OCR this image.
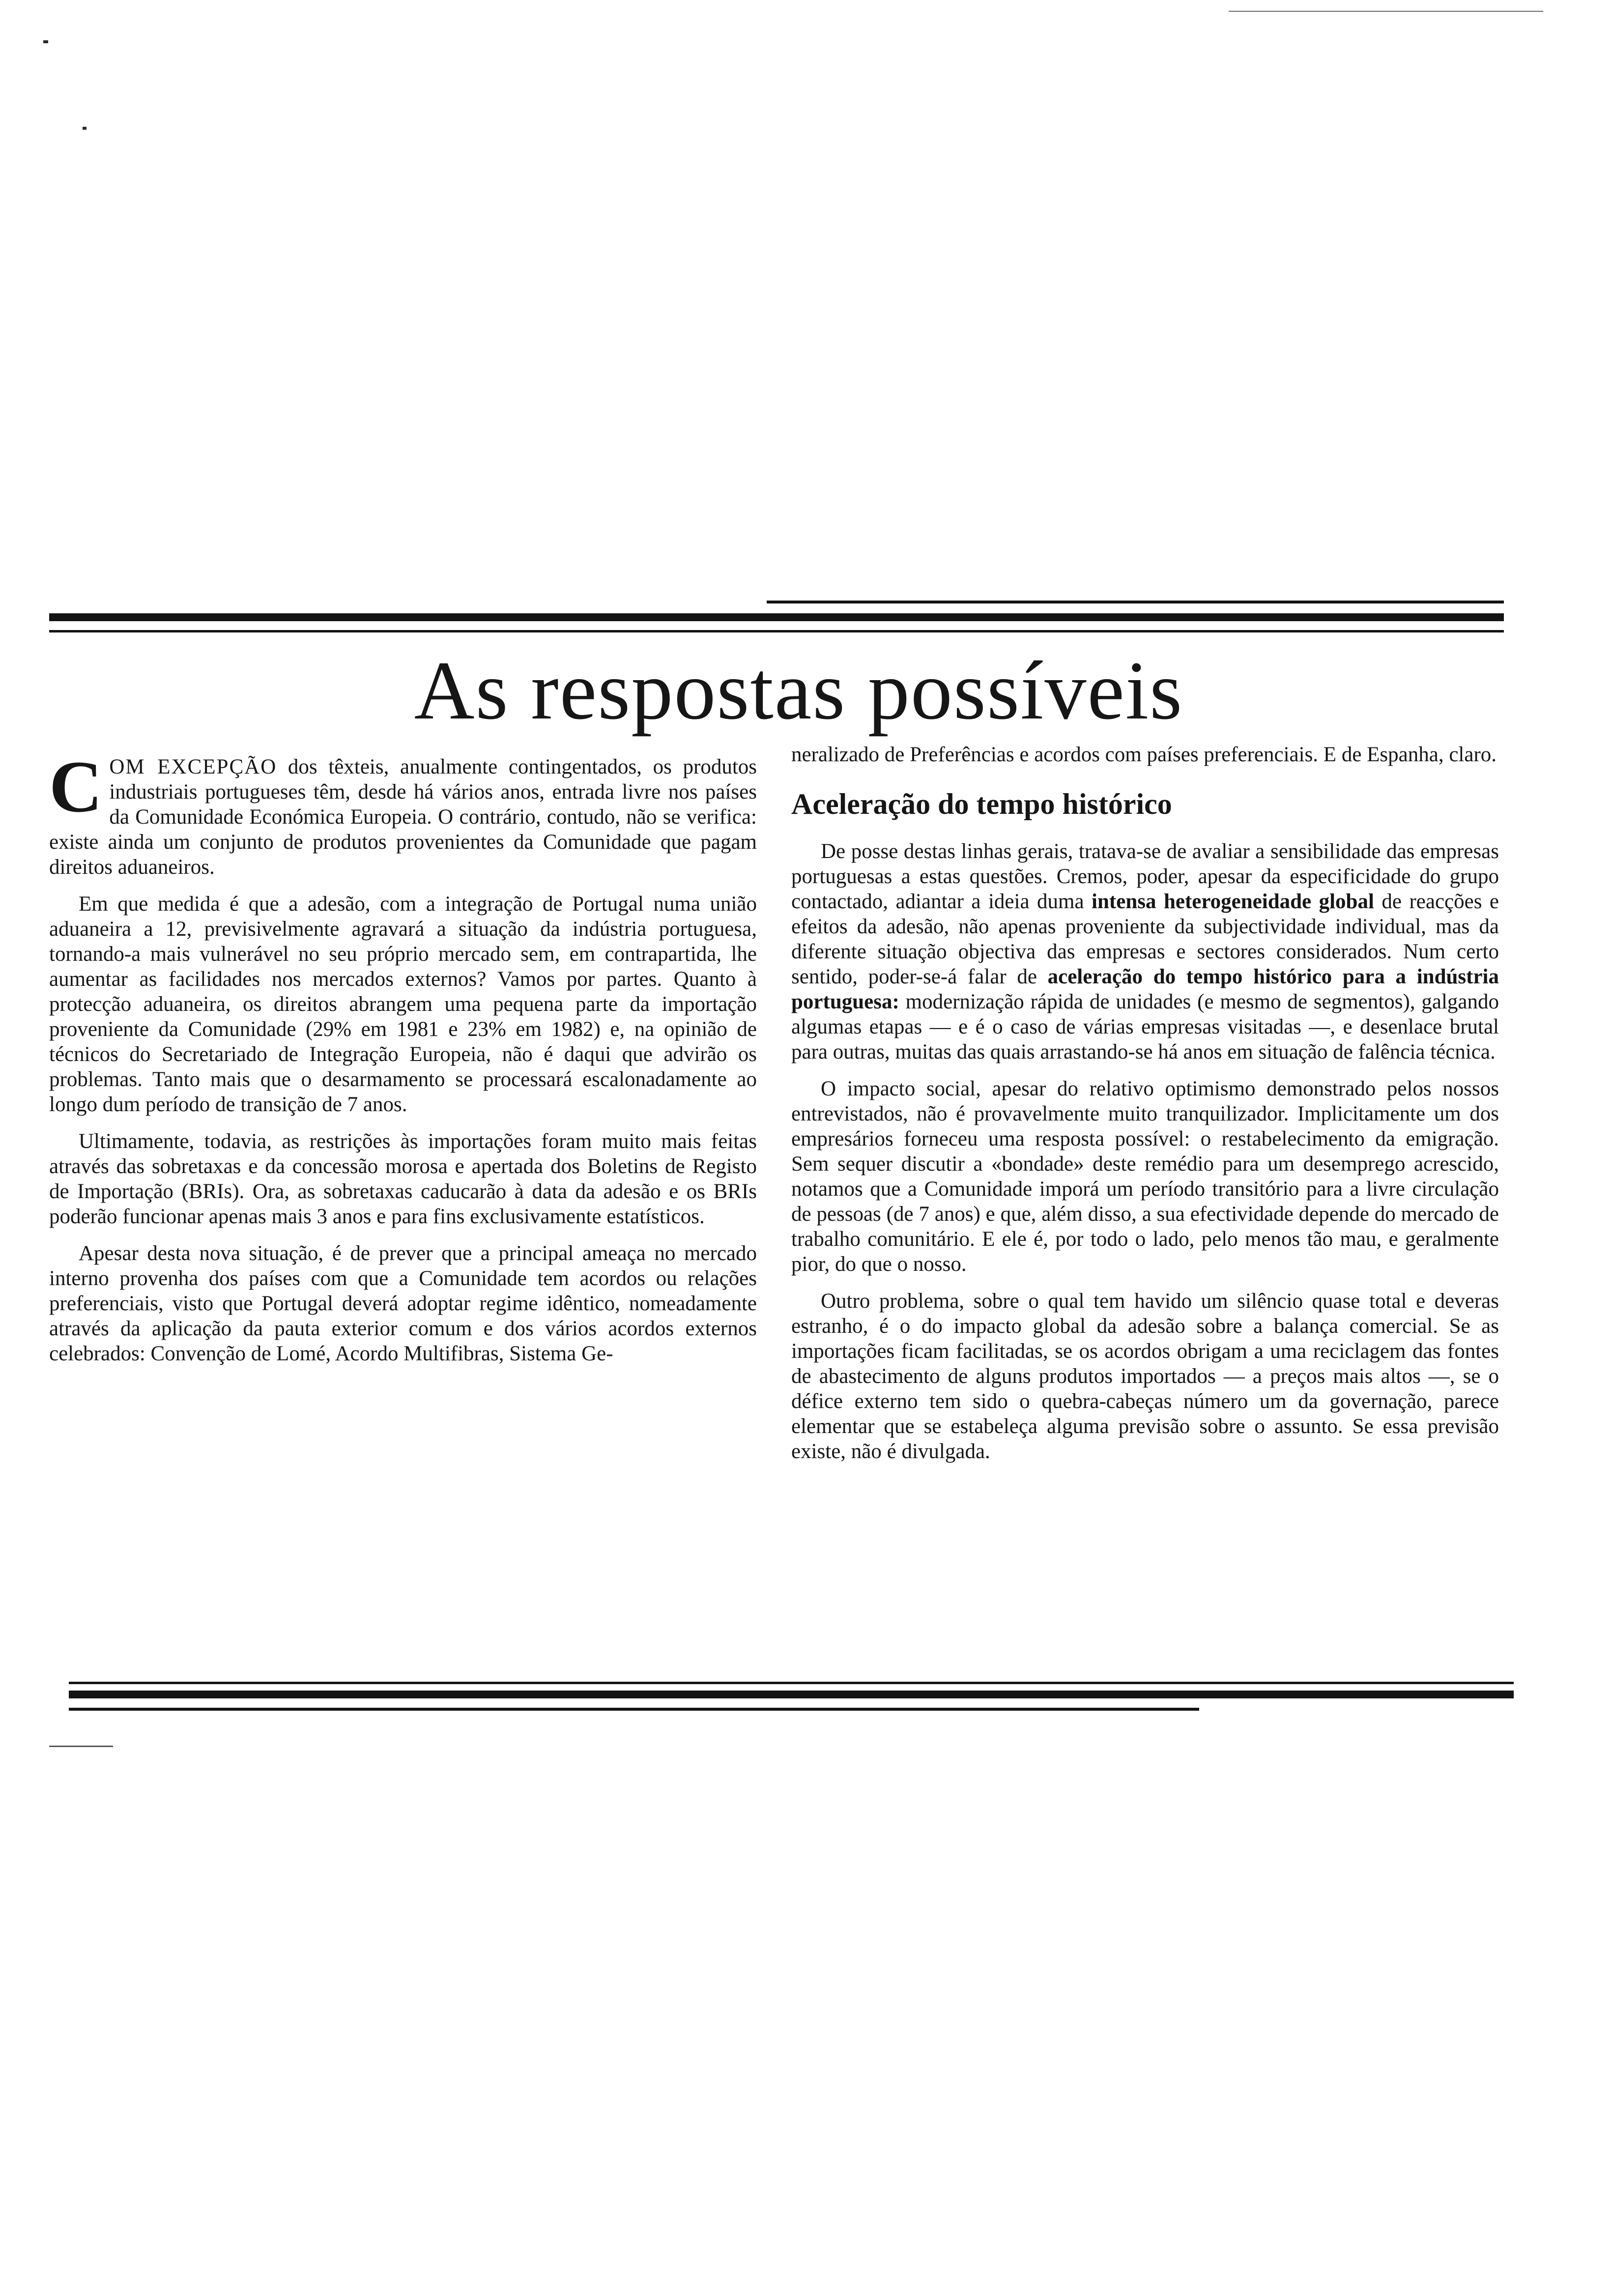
As respostas possíveis

COM EXCEPÇÃO dos têxteis, anualmente contingentados, os produtos industriais portugueses têm, desde há vários anos, entrada livre nos países da Comunidade Económica Europeia. O contrário, contudo, não se verifica: existe ainda um conjunto de produtos provenientes da Comunidade que pagam direitos aduaneiros.

Em que medida é que a adesão, com a integração de Portugal numa união aduaneira a 12, previsivelmente agravará a situação da indústria portuguesa, tornando-a mais vulnerável no seu próprio mercado sem, em contrapartida, lhe aumentar as facilidades nos mercados externos? Vamos por partes. Quanto à protecção aduaneira, os direitos abrangem uma pequena parte da importação proveniente da Comunidade (29% em 1981 e 23% em 1982) e, na opinião de técnicos do Secretariado de Integração Europeia, não é daqui que advirão os problemas. Tanto mais que o desarmamento se processará escalonadamente ao longo dum período de transição de 7 anos.

Ultimamente, todavia, as restrições às importações foram muito mais feitas através das sobretaxas e da concessão morosa e apertada dos Boletins de Registo de Importação (BRIs). Ora, as sobretaxas caducarão à data da adesão e os BRIs poderão funcionar apenas mais 3 anos e para fins exclusivamente estatísticos.

Apesar desta nova situação, é de prever que a principal ameaça no mercado interno provenha dos países com que a Comunidade tem acordos ou relações preferenciais, visto que Portugal deverá adoptar regime idêntico, nomeadamente através da aplicação da pauta exterior comum e dos vários acordos externos celebrados: Convenção de Lomé, Acordo Multifibras, Sistema Ge-

neralizado de Preferências e acordos com países preferenciais. E de Espanha, claro.

Aceleração do tempo histórico

De posse destas linhas gerais, tratava-se de avaliar a sensibilidade das empresas portuguesas a estas questões. Cremos, poder, apesar da especificidade do grupo contactado, adiantar a ideia duma intensa heterogeneidade global de reacções e efeitos da adesão, não apenas proveniente da subjectividade individual, mas da diferente situação objectiva das empresas e sectores considerados. Num certo sentido, poder-se-á falar de aceleração do tempo histórico para a indústria portuguesa: modernização rápida de unidades (e mesmo de segmentos), galgando algumas etapas — e é o caso de várias empresas visitadas —, e desenlace brutal para outras, muitas das quais arrastando-se há anos em situação de falência técnica.

O impacto social, apesar do relativo optimismo demonstrado pelos nossos entrevistados, não é provavelmente muito tranquilizador. Implicitamente um dos empresários forneceu uma resposta possível: o restabelecimento da emigração. Sem sequer discutir a «bondade» deste remédio para um desemprego acrescido, notamos que a Comunidade imporá um período transitório para a livre circulação de pessoas (de 7 anos) e que, além disso, a sua efectividade depende do mercado de trabalho comunitário. E ele é, por todo o lado, pelo menos tão mau, e geralmente pior, do que o nosso.

Outro problema, sobre o qual tem havido um silêncio quase total e deveras estranho, é o do impacto global da adesão sobre a balança comercial. Se as importações ficam facilitadas, se os acordos obrigam a uma reciclagem das fontes de abastecimento de alguns produtos importados — a preços mais altos —, se o défice externo tem sido o quebra-cabeças número um da governação, parece elementar que se estabeleça alguma previsão sobre o assunto. Se essa previsão existe, não é divulgada.
